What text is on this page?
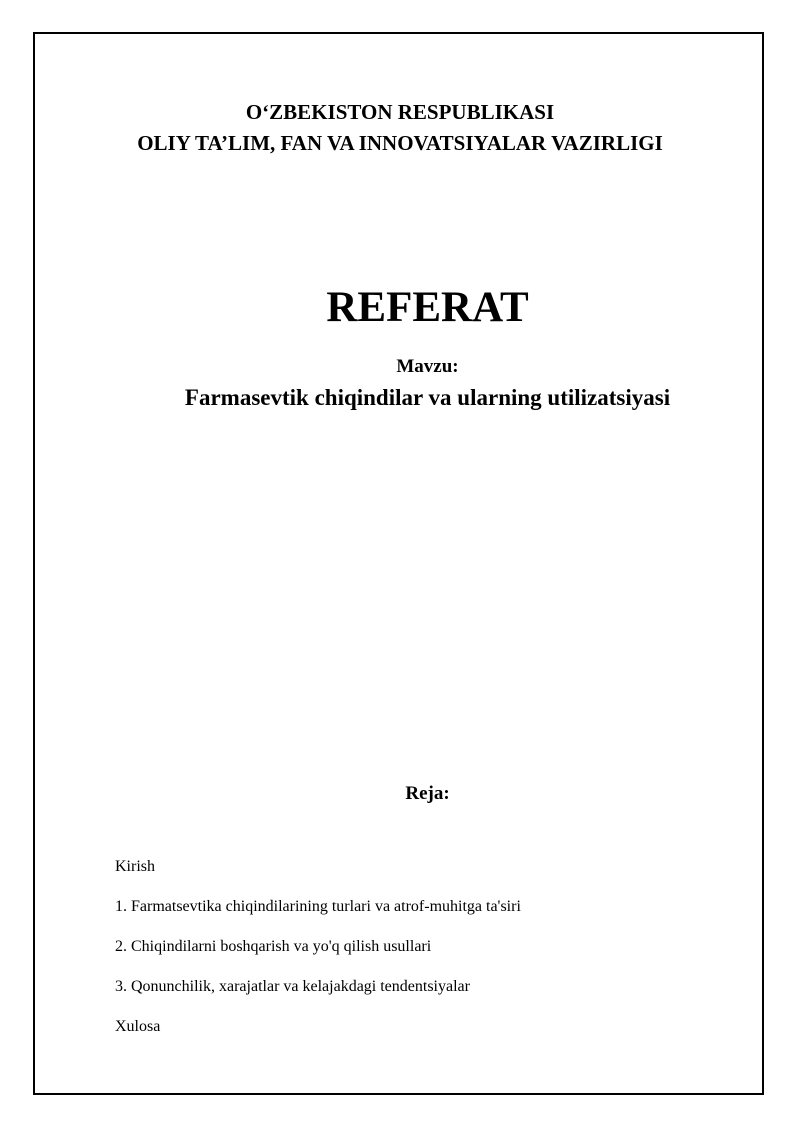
O‘ZBEKISTON RESPUBLIKASI
OLIY TA’LIM, FAN VA INNOVATSIYALAR VAZIRLIGI
REFERAT
Mavzu:
Farmasevtik chiqindilar va ularning utilizatsiyasi
Reja:
Kirish
1. Farmatsevtika chiqindilarining turlari va atrof-muhitga ta'siri
2. Chiqindilarni boshqarish va yo'q qilish usullari
3. Qonunchilik, xarajatlar va kelajakdagi tendentsiyalar
Xulosa
